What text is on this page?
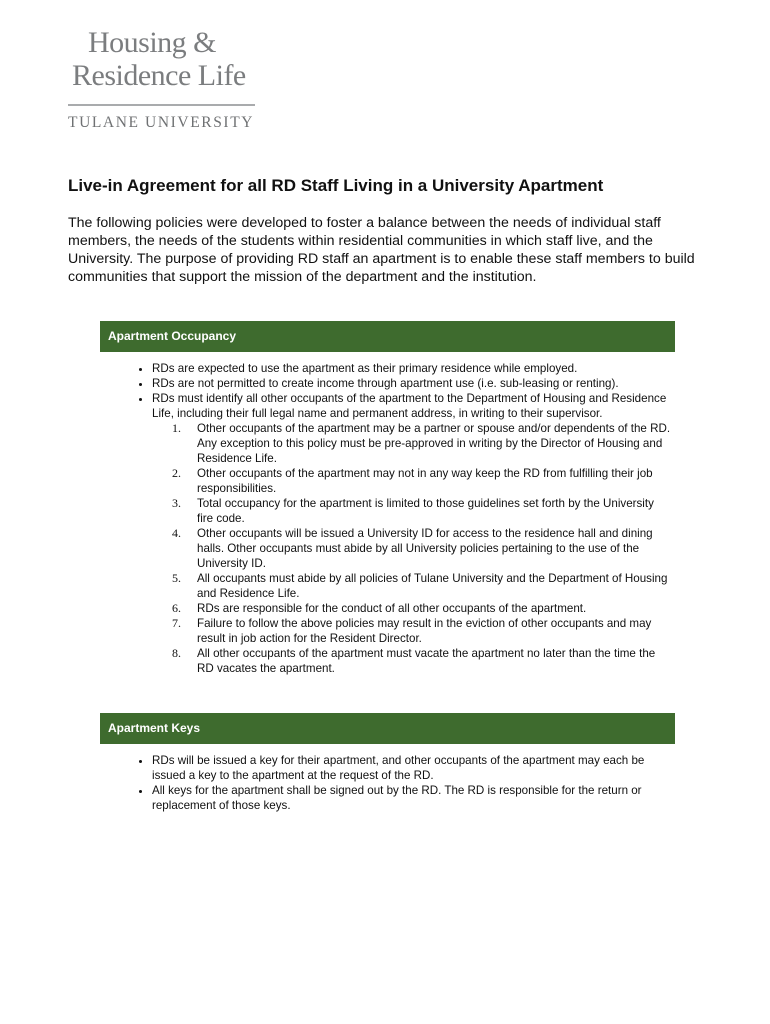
Housing &
Residence Life
TULANE UNIVERSITY
Live-in Agreement for all RD Staff Living in a University Apartment

The following policies were developed to foster a balance between the needs of individual staff members, the needs of the students within residential communities in which staff live, and the University. The purpose of providing RD staff an apartment is to enable these staff members to build communities that support the mission of the department and the institution.

Apartment Occupancy
• RDs are expected to use the apartment as their primary residence while employed.
• RDs are not permitted to create income through apartment use (i.e. sub-leasing or renting).
• RDs must identify all other occupants of the apartment to the Department of Housing and Residence Life, including their full legal name and permanent address, in writing to their supervisor.
Other occupants of the apartment may be a partner or spouse and/or dependents of the RD. Any exception to this policy must be pre-approved in writing by the Director of Housing and Residence Life.
Other occupants of the apartment may not in any way keep the RD from fulfilling their job responsibilities.
Total occupancy for the apartment is limited to those guidelines set forth by the University fire code.
Other occupants will be issued a University ID for access to the residence hall and dining halls. Other occupants must abide by all University policies pertaining to the use of the University ID.
All occupants must abide by all policies of Tulane University and the Department of Housing and Residence Life.
RDs are responsible for the conduct of all other occupants of the apartment.
Failure to follow the above policies may result in the eviction of other occupants and may result in job action for the Resident Director.
All other occupants of the apartment must vacate the apartment no later than the time the RD vacates the apartment.
Apartment Keys
• RDs will be issued a key for their apartment, and other occupants of the apartment may each be issued a key to the apartment at the request of the RD.
• All keys for the apartment shall be signed out by the RD. The RD is responsible for the return or replacement of those keys.
